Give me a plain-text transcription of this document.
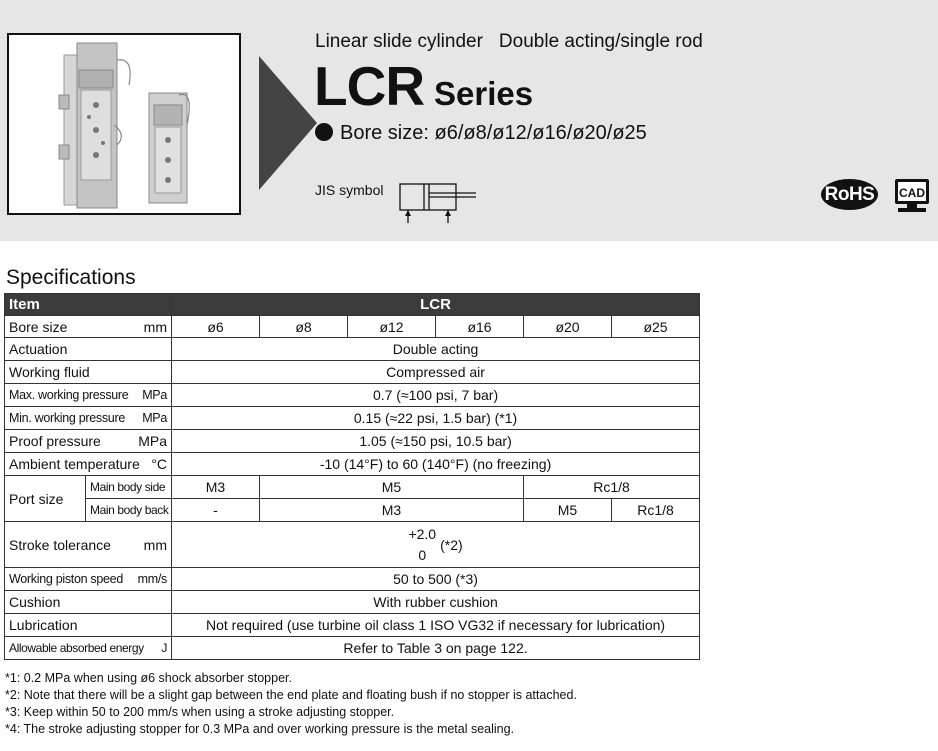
Linear slide cylinder Double acting/single rod
LCR Series
Bore size: ø6/ø8/ø12/ø16/ø20/ø25
JIS symbol	RoHS	CAD
Specifications
Item		LCR					

Bore size mm		ø6	ø8	ø12	ø16	ø20	ø25
Actuation		Double acting					
Working fluid		Compressed air					

Max. working pressure MPa		0.7 (≈100 psi, 7 bar)					

Min. working pressure MPa		0.15 (≈22 psi, 1.5 bar) (*1)					

Proof pressure MPa		1.05 (≈150 psi, 10.5 bar)					

Ambient temperature °C		-10 (14°F) to 60 (140°F) (no freezing)					
Port size	Main body side	M3	M5			Rc1/8	
	Main body back	-	M3			M5	Rc1/8

Stroke tolerance mm		+2.0
0
(*2)					

Working piston speed mm/s		50 to 500 (*3)					
Cushion		With rubber cushion					
Lubrication		Not required (use turbine oil class 1 ISO VG32 if necessary for lubrication)					

Allowable absorbed energy J		Refer to Table 3 on page 122.					
*1: 0.2 MPa when using ø6 shock absorber stopper.
*2: Note that there will be a slight gap between the end plate and floating bush if no stopper is attached.
*3: Keep within 50 to 200 mm/s when using a stroke adjusting stopper.
*4: The stroke adjusting stopper for 0.3 MPa and over working pressure is the metal sealing.
